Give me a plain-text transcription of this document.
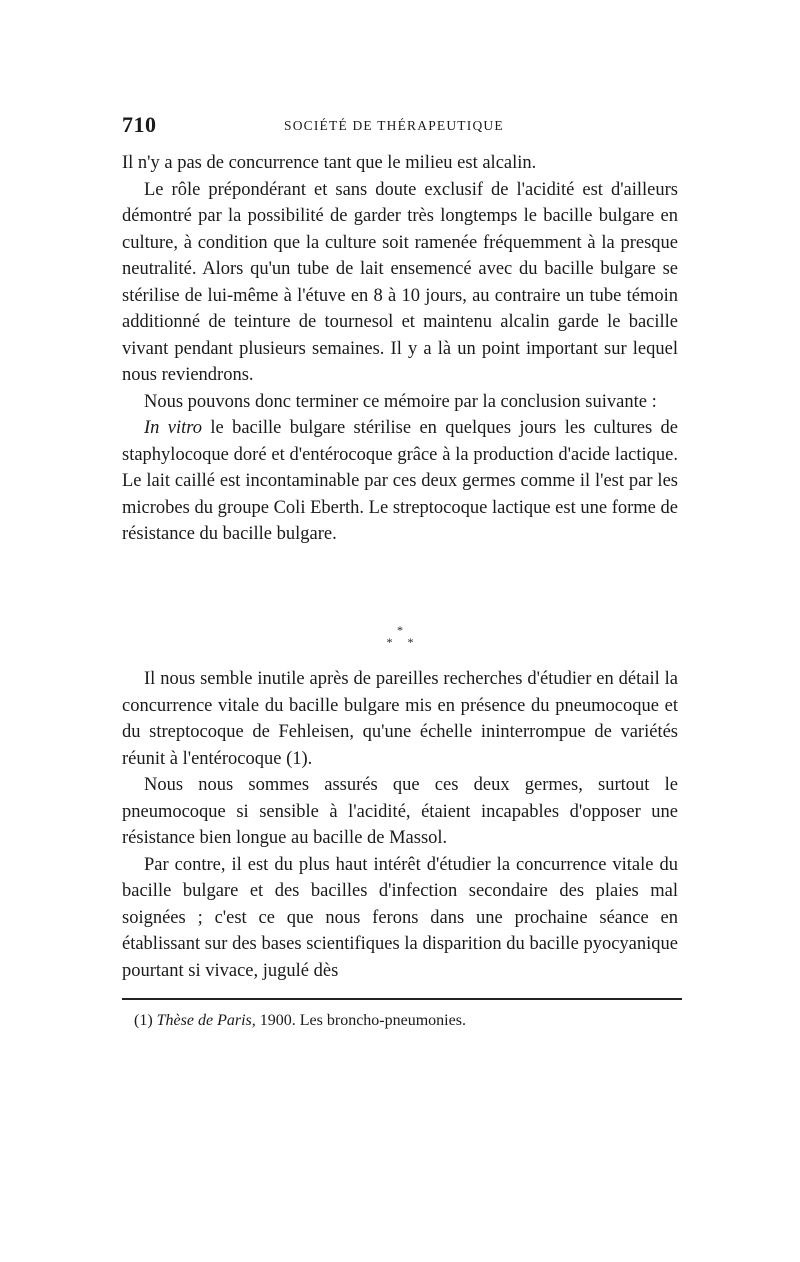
710	SOCIÉTÉ DE THÉRAPEUTIQUE

Il n'y a pas de concurrence tant que le milieu est alcalin.

Le rôle prépondérant et sans doute exclusif de l'acidité est d'ailleurs démontré par la possibilité de garder très longtemps le bacille bulgare en culture, à condition que la culture soit ramenée fréquemment à la presque neutralité. Alors qu'un tube de lait ensemencé avec du bacille bulgare se stérilise de lui-même à l'étuve en 8 à 10 jours, au contraire un tube témoin additionné de teinture de tournesol et maintenu alcalin garde le bacille vivant pendant plusieurs semaines. Il y a là un point important sur lequel nous reviendrons.

Nous pouvons donc terminer ce mémoire par la conclusion suivante :

In vitro le bacille bulgare stérilise en quelques jours les cultures de staphylocoque doré et d'entérocoque grâce à la production d'acide lactique. Le lait caillé est incontaminable par ces deux germes comme il l'est par les microbes du groupe Coli Eberth. Le streptocoque lactique est une forme de résistance du bacille bulgare.

*
* *

Il nous semble inutile après de pareilles recherches d'étudier en détail la concurrence vitale du bacille bulgare mis en présence du pneumocoque et du streptocoque de Fehleisen, qu'une échelle ininterrompue de variétés réunit à l'entérocoque (1).

Nous nous sommes assurés que ces deux germes, surtout le pneumocoque si sensible à l'acidité, étaient incapables d'opposer une résistance bien longue au bacille de Massol.

Par contre, il est du plus haut intérêt d'étudier la concurrence vitale du bacille bulgare et des bacilles d'infection secondaire des plaies mal soignées ; c'est ce que nous ferons dans une prochaine séance en établissant sur des bases scientifiques la disparition du bacille pyocyanique pourtant si vivace, jugulé dès

(1) Thèse de Paris, 1900. Les broncho-pneumonies.
